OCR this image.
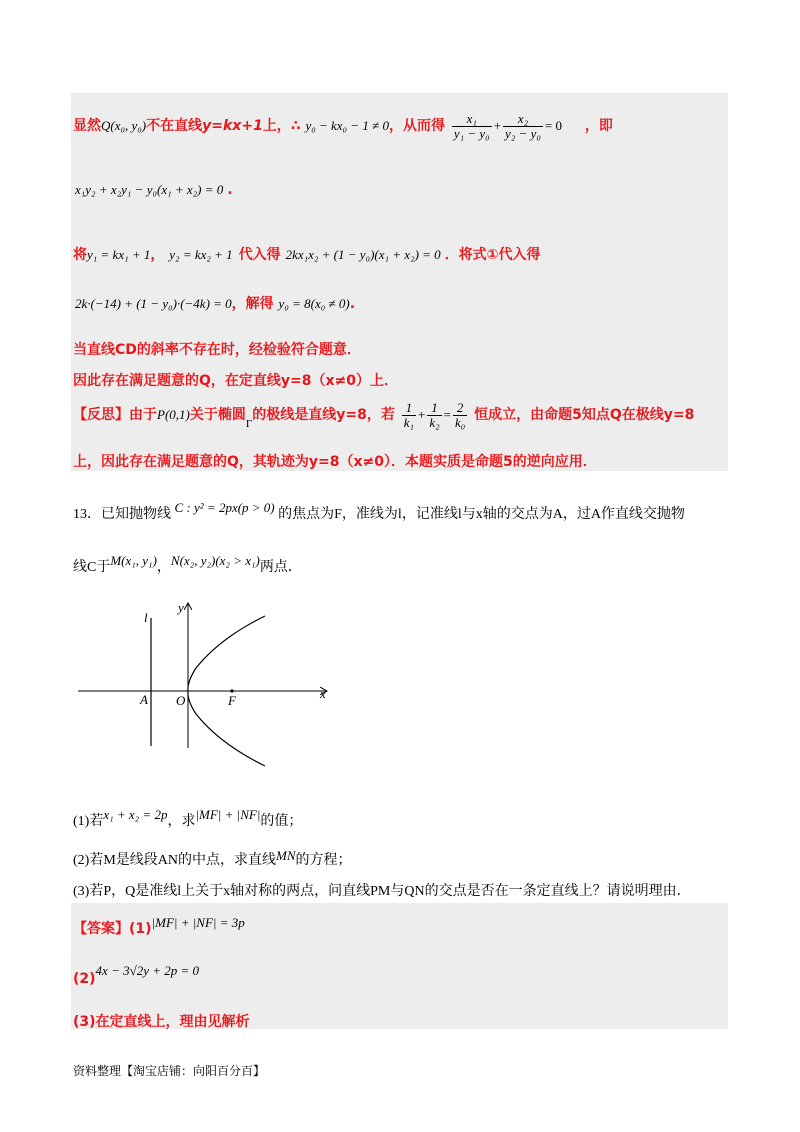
显然Q(x₀, y₀)不在直线y=kx+1上，∴ y₀ − kx₀ − 1 ≠ 0，从而得 $\frac{\text{x₁}}{\text{y₁ − y₀}} + \frac{\text{x₂}}{\text{y₂ − y₀}} = 0$ ，即
x₁y₂ + x₂y₁ − y₀(x₁ + x₂) = 0 .
将y₁ = kx₁ + 1， y₂ = kx₂ + 1 代入得 2kx₁x₂ + (1 − y₀)(x₁ + x₂) = 0 ．将式①代入得
2k·(−14) + (1 − y₀)·(−4k) = 0，解得 y₀ = 8(x₀ ≠ 0).
当直线CD的斜率不存在时，经检验符合题意．
因此存在满足题意的Q，在定直线y=8（x≠0）上．
【反思】由于P(0,1)关于椭圆$_\Gamma$的极线是直线y=8，若 $\frac{1}{\text{k₁}} + \frac{1}{\text{k₂}} = \frac{2}{\text{k₀}}$ 恒成立，由命题5知点Q在极线y=8
上，因此存在满足题意的Q，其轨迹为y=8（x≠0）．本题实质是命题5的逆向应用．
13．已知抛物线 C : y² = 2px(p > 0) 的焦点为F，准线为l，记准线l与x轴的交点为A，过A作直线交抛物
线C于M(x₁, y₁)，N(x₂, y₂)(x₂ > x₁)两点．
l
y
x
A O	F
(1)若x₁ + x₂ = 2p，求|MF| + |NF|的值；
(2)若M是线段AN的中点，求直线MN的方程；
(3)若P，Q是准线l上关于x轴对称的两点，问直线PM与QN的交点是否在一条定直线上？请说明理由．
【答案】(1)|MF| + |NF| = 3p
(2)4x − 3√2y + 2p = 0
(3)在定直线上，理由见解析
资料整理【淘宝店铺：向阳百分百】
